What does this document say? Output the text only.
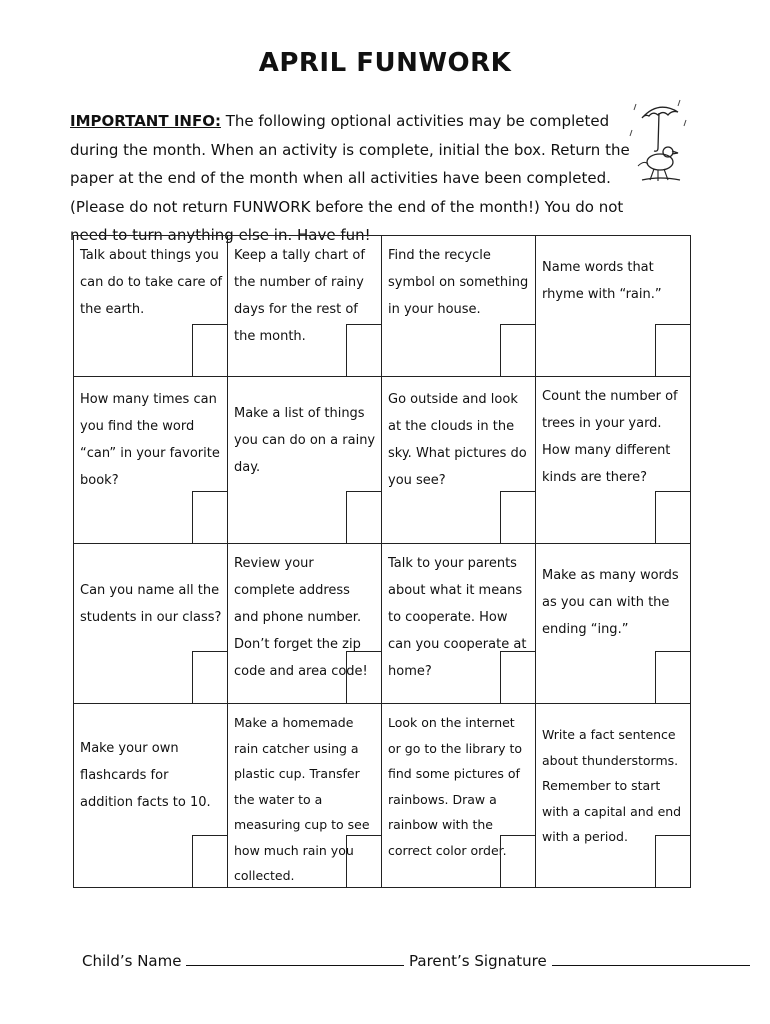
APRIL FUNWORK
IMPORTANT INFO: The following optional activities may be completed during the month. When an activity is complete, initial the box. Return the paper at the end of the month when all activities have been completed. (Please do not return FUNWORK before the end of the month!) You do not need to turn anything else in. Have fun!
Talk about things you can do to take care of the earth.
Keep a tally chart of the number of rainy days for the rest of the month.
Find the recycle symbol on something in your house.
Name words that rhyme with “rain.”
How many times can you find the word “can” in your favorite book?
Make a list of things you can do on a rainy day.
Go outside and look at the clouds in the sky. What pictures do you see?
Count the number of trees in your yard. How many different kinds are there?
Can you name all the students in our class?
Review your complete address and phone number. Don’t forget the zip code and area code!
Talk to your parents about what it means to cooperate. How can you cooperate at home?
Make as many words as you can with the ending “ing.”
Make your own flashcards for addition facts to 10.
Make a homemade rain catcher using a plastic cup. Transfer the water to a measuring cup to see how much rain you collected.
Look on the internet or go to the library to find some pictures of rainbows. Draw a rainbow with the correct color order.
Write a fact sentence about thunderstorms. Remember to start with a capital and end with a period.
Child’s Name	Parent’s Signature
